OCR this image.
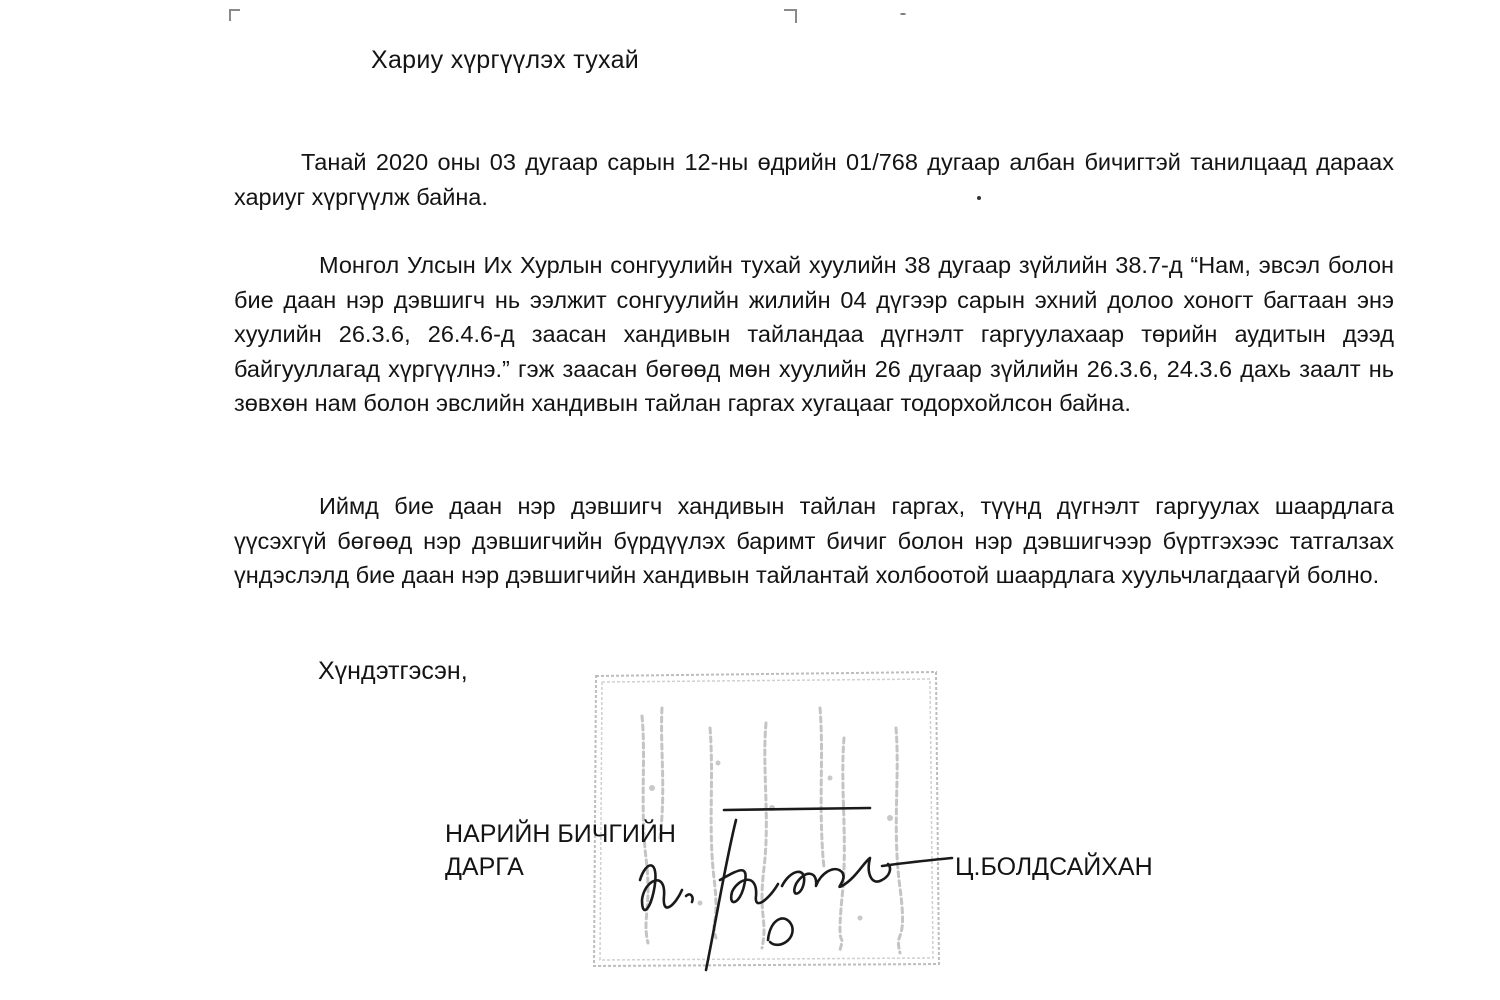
Хариу хүргүүлэх тухай

Танай 2020 оны 03 дугаар сарын 12-ны өдрийн 01/768 дугаар албан бичигтэй танилцаад дараах хариуг хүргүүлж байна.

Монгол Улсын Их Хурлын сонгуулийн тухай хуулийн 38 дугаар зүйлийн 38.7-д “Нам, эвсэл болон бие даан нэр дэвшигч нь ээлжит сонгуулийн жилийн 04 дүгээр сарын эхний долоо хоногт багтаан энэ хуулийн 26.3.6, 26.4.6-д заасан хандивын тайландаа дүгнэлт гаргуулахаар төрийн аудитын дээд байгууллагад хүргүүлнэ.” гэж заасан бөгөөд мөн хуулийн 26 дугаар зүйлийн 26.3.6, 24.3.6 дахь заалт нь зөвхөн нам болон эвслийн хандивын тайлан гаргах хугацааг тодорхойлсон байна.

Иймд бие даан нэр дэвшигч хандивын тайлан гаргах, түүнд дүгнэлт гаргуулах шаардлага үүсэхгүй бөгөөд нэр дэвшигчийн бүрдүүлэх баримт бичиг болон нэр дэвшигчээр бүртгэхээс татгалзах үндэслэлд бие даан нэр дэвшигчийн хандивын тайлантай холбоотой шаардлага хуульчлагдаагүй болно.

Хүндэтгэсэн,
НАРИЙН БИЧГИЙН
ДАРГА	Ц.БОЛДСАЙХАН
